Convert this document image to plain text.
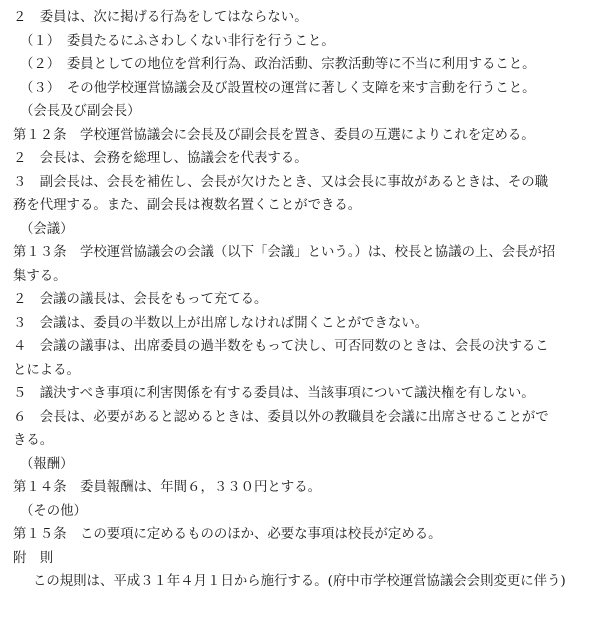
２　委員は、次に掲げる行為をしてはならない。
（１）　委員たるにふさわしくない非行を行うこと。
（２）　委員としての地位を営利行為、政治活動、宗教活動等に不当に利用すること。
（３）　その他学校運営協議会及び設置校の運営に著しく支障を来す言動を行うこと。
（会長及び副会長）
第１２条　学校運営協議会に会長及び副会長を置き、委員の互選によりこれを定める。
２　会長は、会務を総理し、協議会を代表する。
３　副会長は、会長を補佐し、会長が欠けたとき、又は会長に事故があるときは、その職
務を代理する。また、副会長は複数名置くことができる。
（会議）
第１３条　学校運営協議会の会議（以下「会議」という。）は、校長と協議の上、会長が招
集する。
２　会議の議長は、会長をもって充てる。
３　会議は、委員の半数以上が出席しなければ開くことができない。
４　会議の議事は、出席委員の過半数をもって決し、可否同数のときは、会長の決するこ
とによる。
５　議決すべき事項に利害関係を有する委員は、当該事項について議決権を有しない。
６　会長は、必要があると認めるときは、委員以外の教職員を会議に出席させることがで
きる。
（報酬）
第１４条　委員報酬は、年間６，３３０円とする。
（その他）
第１５条　この要項に定めるもののほか、必要な事項は校長が定める。
附　則
この規則は、平成３１年４月１日から施行する。(府中市学校運営協議会会則変更に伴う)
